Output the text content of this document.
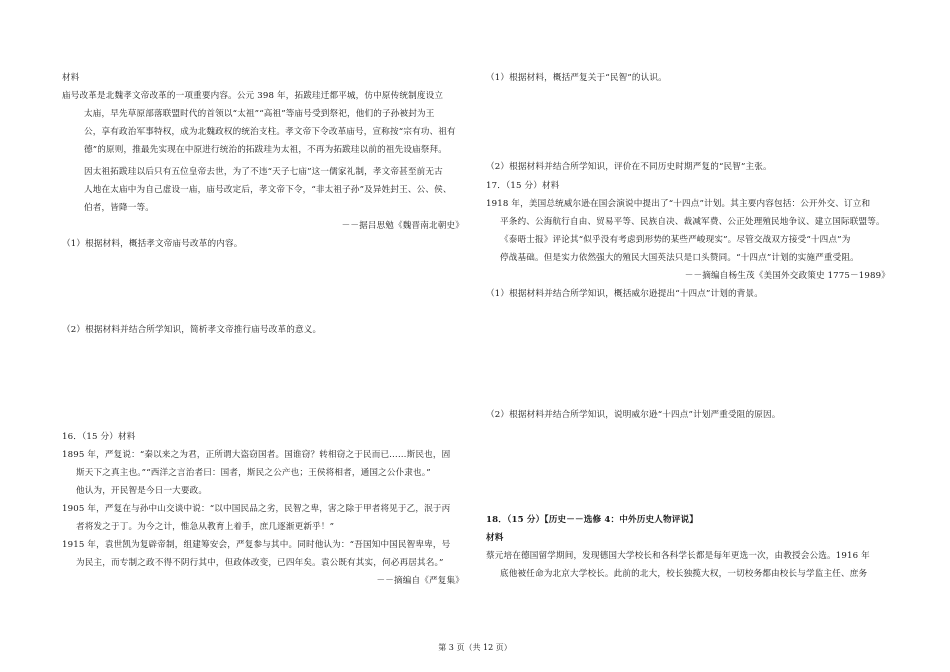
材料
庙号改革是北魏孝文帝改革的一项重要内容。公元 398 年，拓跋珪迁都平城，仿中原传统制度设立
太庙，早先草原部落联盟时代的首领以“太祖”“高祖”等庙号受到祭祀，他们的子孙被封为王
公，享有政治军事特权，成为北魏政权的统治支柱。孝文帝下令改革庙号，宣称按“宗有功、祖有
德”的原则，推最先实现在中原进行统治的拓跋珪为太祖，不再为拓跋珪以前的祖先设庙祭拜。
因太祖拓跋珪以后只有五位皇帝去世，为了不违“天子七庙”这一儒家礼制，孝文帝甚至前无古
人地在太庙中为自己虚设一庙，庙号改定后，孝文帝下令，“非太祖子孙”及异姓封王、公、侯、
伯者，皆降一等。
－－据吕思勉《魏晋南北朝史》
（1）根据材料，概括孝文帝庙号改革的内容。
（2）根据材料并结合所学知识，简析孝文帝推行庙号改革的意义。
16．（15 分）材料
1895 年，严复说：“秦以来之为君，正所谓大盗窃国者。国谁窃？转相窃之于民而已……斯民也，固
斯天下之真主也。”“西洋之言治者曰：国者，斯民之公产也；王侯将相者，通国之公仆隶也。”
他认为，开民智是今日一大要政。
1905 年，严复在与孙中山交谈中说：“以中国民品之劣，民智之卑，害之除于甲者将见于乙，泯于丙
者将发之于丁。为今之计，惟急从教育上着手，庶几逐渐更新乎！”
1915 年，袁世凯为复辟帝制，组建筹安会，严复参与其中。同时他认为：“吾国知中国民智卑卑，号
为民主，而专制之政不得不阴行其中，但政体改变，已四年矣。袁公既有其实，何必再居其名。”
－－摘编自《严复集》
（1）根据材料，概括严复关于“民智”的认识。
（2）根据材料并结合所学知识，评价在不同历史时期严复的“民智”主张。
17．（15 分）材料
1918 年，美国总统威尔逊在国会演说中提出了“十四点”计划。其主要内容包括：公开外交、订立和
平条约、公海航行自由、贸易平等、民族自决、裁减军费、公正处理殖民地争议、建立国际联盟等。
《泰晤士报》评论其“似乎没有考虑到形势的某些严峻现实”。尽管交战双方接受“十四点”为
停战基础。但是实力依然强大的殖民大国英法只是口头赞同。“十四点”计划的实施严重受阻。
－－摘编自杨生茂《美国外交政策史 1775－1989》
（1）根据材料并结合所学知识，概括威尔逊提出“十四点”计划的背景。
（2）根据材料并结合所学知识，说明威尔逊“十四点”计划严重受阻的原因。
18．（15 分）【历史－－选修 4：中外历史人物评说】
材料
蔡元培在德国留学期间，发现德国大学校长和各科学长都是每年更选一次，由教授会公选。1916 年
底他被任命为北京大学校长。此前的北大，校长独揽大权，一切校务都由校长与学监主任、庶务
第 3 页（共 12 页）
